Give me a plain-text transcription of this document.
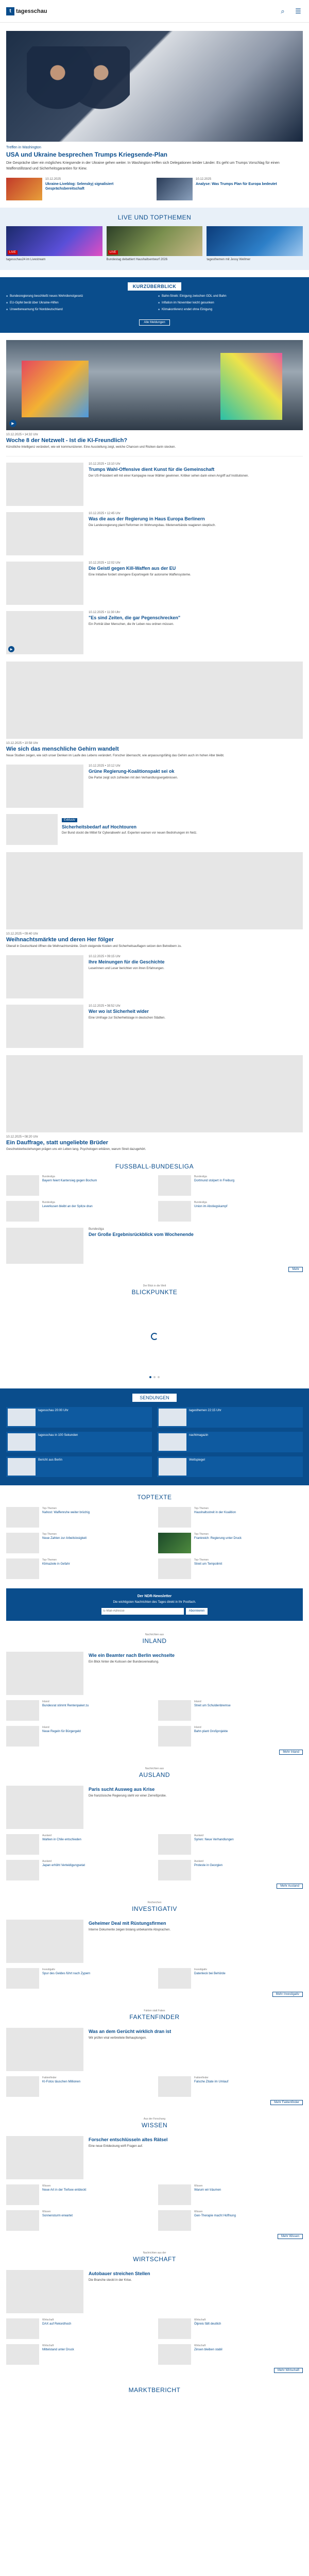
t tagesschau	⌕	☰
Treffen in Washington
USA und Ukraine besprechen Trumps Kriegsende-Plan
Die Gespräche über ein mögliches Kriegsende in der Ukraine gehen weiter. In Washington treffen sich Delegationen beider Länder. Es geht um Trumps Vorschlag für einen Waffenstillstand und Sicherheitsgarantien für Kiew.
10.12.2025
Ukraine-Liveblog: Selenskyj signalisiert Gesprächsbereitschaft
10.12.2025
Analyse: Was Trumps Plan für Europa bedeutet
LIVE UND TOPTHEMEN
LIVE
tagesschau24 im Livestream
LIVE
Bundestag debattiert Haushaltsentwurf 2026	tagesthemen mit Jessy Wellmer
KURZÜBERBLICK
■ Bundesregierung beschließt neues Wehrdienstgesetz	■ Bahn-Streik: Einigung zwischen GDL und Bahn
■ EU-Gipfel berät über Ukraine-Hilfen	■ Inflation im November leicht gesunken
■ Unwetterwarnung für Norddeutschland	■ Klimakonferenz endet ohne Einigung
Alle Meldungen
▶
10.12.2025 • 14:32 Uhr
Woche 8 der Netzwelt - Ist die KI-Freundlich?
Künstliche Intelligenz verändert, wie wir kommunizieren. Eine Ausstellung zeigt, welche Chancen und Risiken darin stecken.
10.12.2025 • 13:10 Uhr
Trumps Wahl-Offensive dient Kunst für die Gemeinschaft
Der US-Präsident will mit einer Kampagne neue Wähler gewinnen. Kritiker sehen darin einen Angriff auf Institutionen.
10.12.2025 • 12:45 Uhr
Was die aus der Regierung in Haus Europa Berlinern
Die Landesregierung plant Reformen im Wohnungsbau. Mieterverbände reagieren skeptisch.
10.12.2025 • 12:02 Uhr
Die Geistl gegen Kill-Waffen aus der EU
Eine Initiative fordert strengere Exportregeln für autonome Waffensysteme.
▶
10.12.2025 • 11:30 Uhr
"Es sind Zeiten, die gar Pegenschrecken"
Ein Porträt über Menschen, die ihr Leben neu ordnen müssen.
10.12.2025 • 10:58 Uhr
Wie sich das menschliche Gehirn wandelt
Neue Studien zeigen, wie sich unser Denken im Laufe des Lebens verändert. Forscher überrascht, wie anpassungsfähig das Gehirn auch im hohen Alter bleibt.
10.12.2025 • 10:12 Uhr
Grüne Regierung-Koalitionspakt sei ok
Die Partei zeigt sich zufrieden mit den Verhandlungsergebnissen.
Exklusiv
Sicherheitsbedarf auf Hochtouren
Der Bund stockt die Mittel für Cyberabwehr auf. Experten warnen vor neuen Bedrohungen im Netz.
10.12.2025 • 09:40 Uhr
Weihnachtsmärkte und deren Her fölger
Überall in Deutschland öffnen die Weihnachtsmärkte. Doch steigende Kosten und Sicherheitsauflagen setzen den Betreibern zu.
10.12.2025 • 09:15 Uhr
Ihre Meinungen für die Geschichte
Leserinnen und Leser berichten von ihren Erfahrungen.
10.12.2025 • 08:52 Uhr
Wer wo ist Sicherheit wider
Eine Umfrage zur Sicherheitslage in deutschen Städten.
10.12.2025 • 08:20 Uhr
Ein Dauffrage, statt ungeliebte Brüder
Geschwisterbeziehungen prägen uns ein Leben lang. Psychologen erklären, warum Streit dazugehört.
FUSSBALL-BUNDESLIGA
Bundesliga
Bayern feiert Kantersieg gegen Bochum
Bundesliga
Dortmund stolpert in Freiburg
Bundesliga
Leverkusen bleibt an der Spitze dran
Bundesliga
Union im Abstiegskampf
Bundesliga
Der Große Ergebnisrückblick vom Wochenende
Mehr
Der Blick in die Welt
BLICKPUNKTE
SENDUNGEN
tagesschau 20:00 Uhr	tagesthemen 22:15 Uhr
tagesschau in 100 Sekunden	nachtmagazin
Bericht aus Berlin	Weltspiegel
TOPTEXTE
Top-Themen
Nahost: Waffenruhe weiter brüchig
Top-Themen
Haushaltsstreit in der Koalition
Top-Themen
Neue Zahlen zur Arbeitslosigkeit
Top-Themen
Frankreich: Regierung unter Druck
Top-Themen
Klimaziele in Gefahr
Top-Themen
Streit um Tempolimit
Der NDR-Newsletter
Die wichtigsten Nachrichten des Tages direkt in Ihr Postfach.
E-Mail-Adresse
Abonnieren
Nachrichten aus
INLAND
Wie ein Beamter nach Berlin wechselte
Ein Blick hinter die Kulissen der Bundesverwaltung.
Inland
Bundesrat stimmt Rentenpaket zu
Inland
Streit um Schuldenbremse
Inland
Neue Regeln für Bürgergeld
Inland
Bahn plant Großprojekte
Mehr Inland
Nachrichten aus
AUSLAND
Paris sucht Ausweg aus Krise
Die französische Regierung steht vor einer Zerreißprobe.
Ausland
Wahlen in Chile entschieden
Ausland
Syrien: Neue Verhandlungen
Ausland
Japan erhöht Verteidigungsetat
Ausland
Proteste in Georgien
Mehr Ausland
Recherchen
INVESTIGATIV
Geheimer Deal mit Rüstungsfirmen
Interne Dokumente zeigen bislang unbekannte Absprachen.
Investigativ
Spur des Geldes führt nach Zypern
Investigativ
Datenleck bei Behörde
Mehr Investigativ
Fakten statt Fakes
FAKTENFINDER
Was an dem Gerücht wirklich dran ist
Wir prüfen viral verbreitete Behauptungen.
Faktenfinder
KI-Fotos täuschen Millionen
Faktenfinder
Falsche Zitate im Umlauf
Mehr Faktenfinder
Aus der Forschung
WISSEN
Forscher entschlüsseln altes Rätsel
Eine neue Entdeckung wirft Fragen auf.
Wissen
Neue Art in der Tiefsee entdeckt
Wissen
Warum wir träumen
Wissen
Sonnensturm erwartet
Wissen
Gen-Therapie macht Hoffnung
Mehr Wissen
Nachrichten aus der
WIRTSCHAFT
Autobauer streichen Stellen
Die Branche steckt in der Krise.
Wirtschaft
DAX auf Rekordhoch
Wirtschaft
Ölpreis fällt deutlich
Wirtschaft
Mittelstand unter Druck
Wirtschaft
Zinsen bleiben stabil
Mehr Wirtschaft
MARKTBERICHT
